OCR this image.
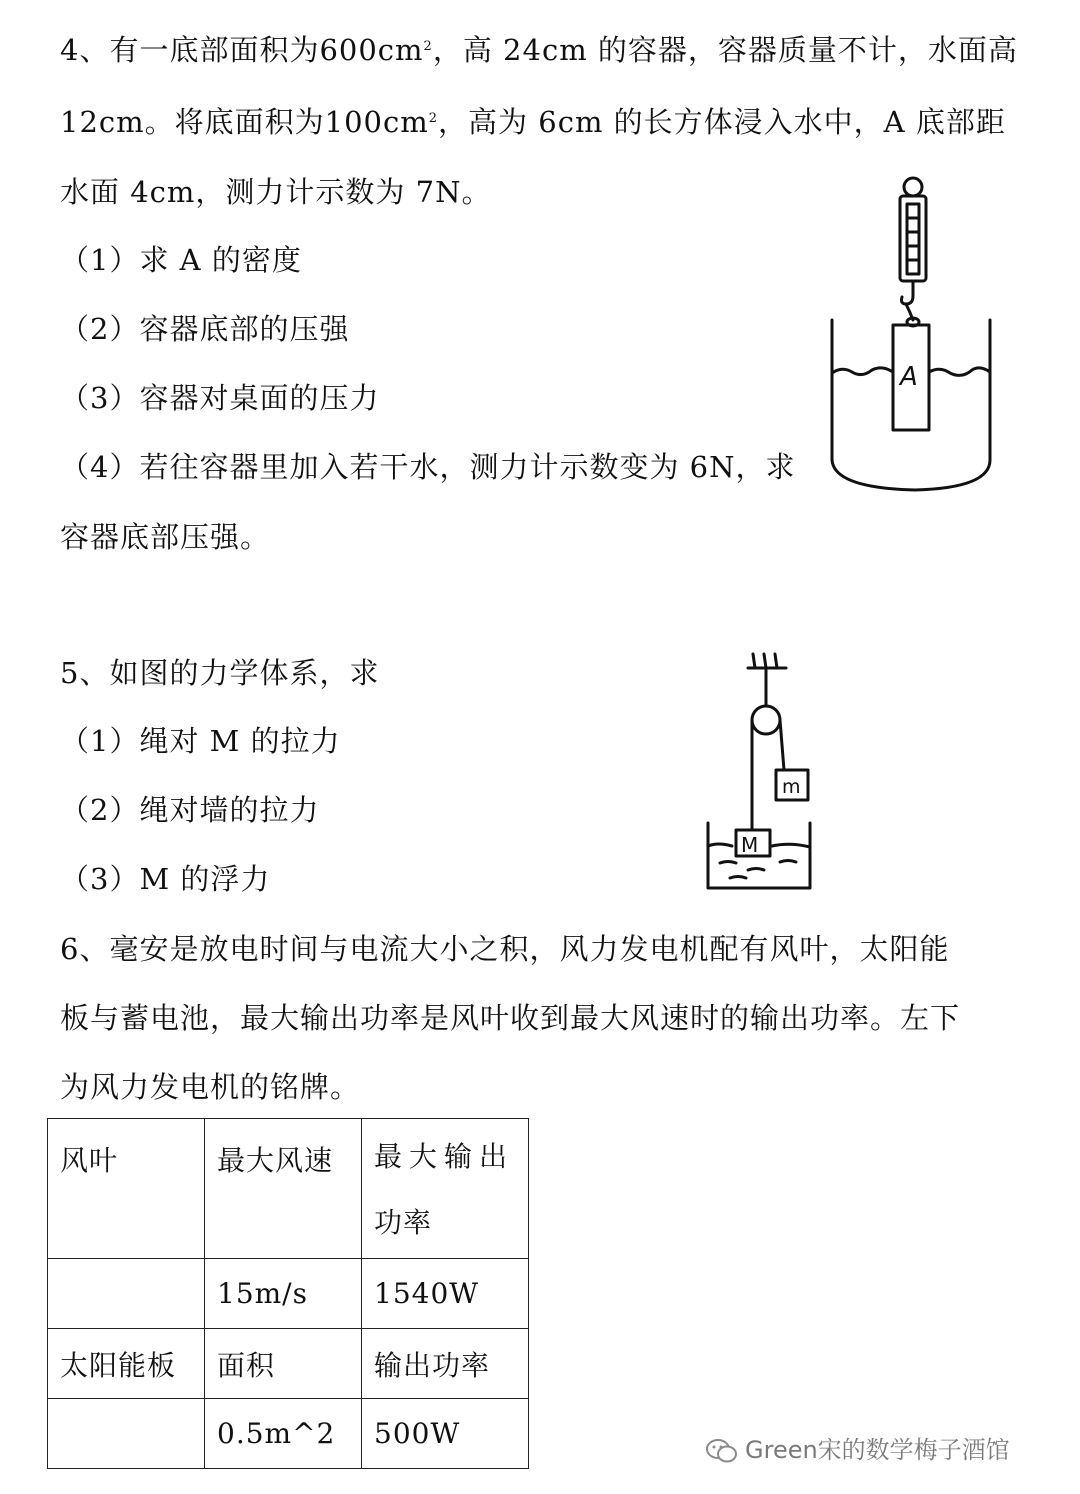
4、有一底部面积为$600cm^2$，高 24cm 的容器，容器质量不计，水面高
12cm。将底面积为$100cm^2$，高为 6cm 的长方体浸入水中，A 底部距
水面 4cm，测力计示数为 7N。
（1）求 A 的密度
（2）容器底部的压强
（3）容器对桌面的压力
（4）若往容器里加入若干水，测力计示数变为 6N，求
容器底部压强。
A
5、如图的力学体系，求
（1）绳对 M 的拉力
（2）绳对墙的拉力
（3）M 的浮力
M
m
6、毫安是放电时间与电流大小之积，风力发电机配有风叶，太阳能
板与蓄电池，最大输出功率是风叶收到最大风速时的输出功率。左下
为风力发电机的铭牌。
风叶	最大风速	最大输出
功率

	15m/s	1540W
太阳能板	面积	输出功率
	0.5m^2	500W	Green宋的数学梅子酒馆
